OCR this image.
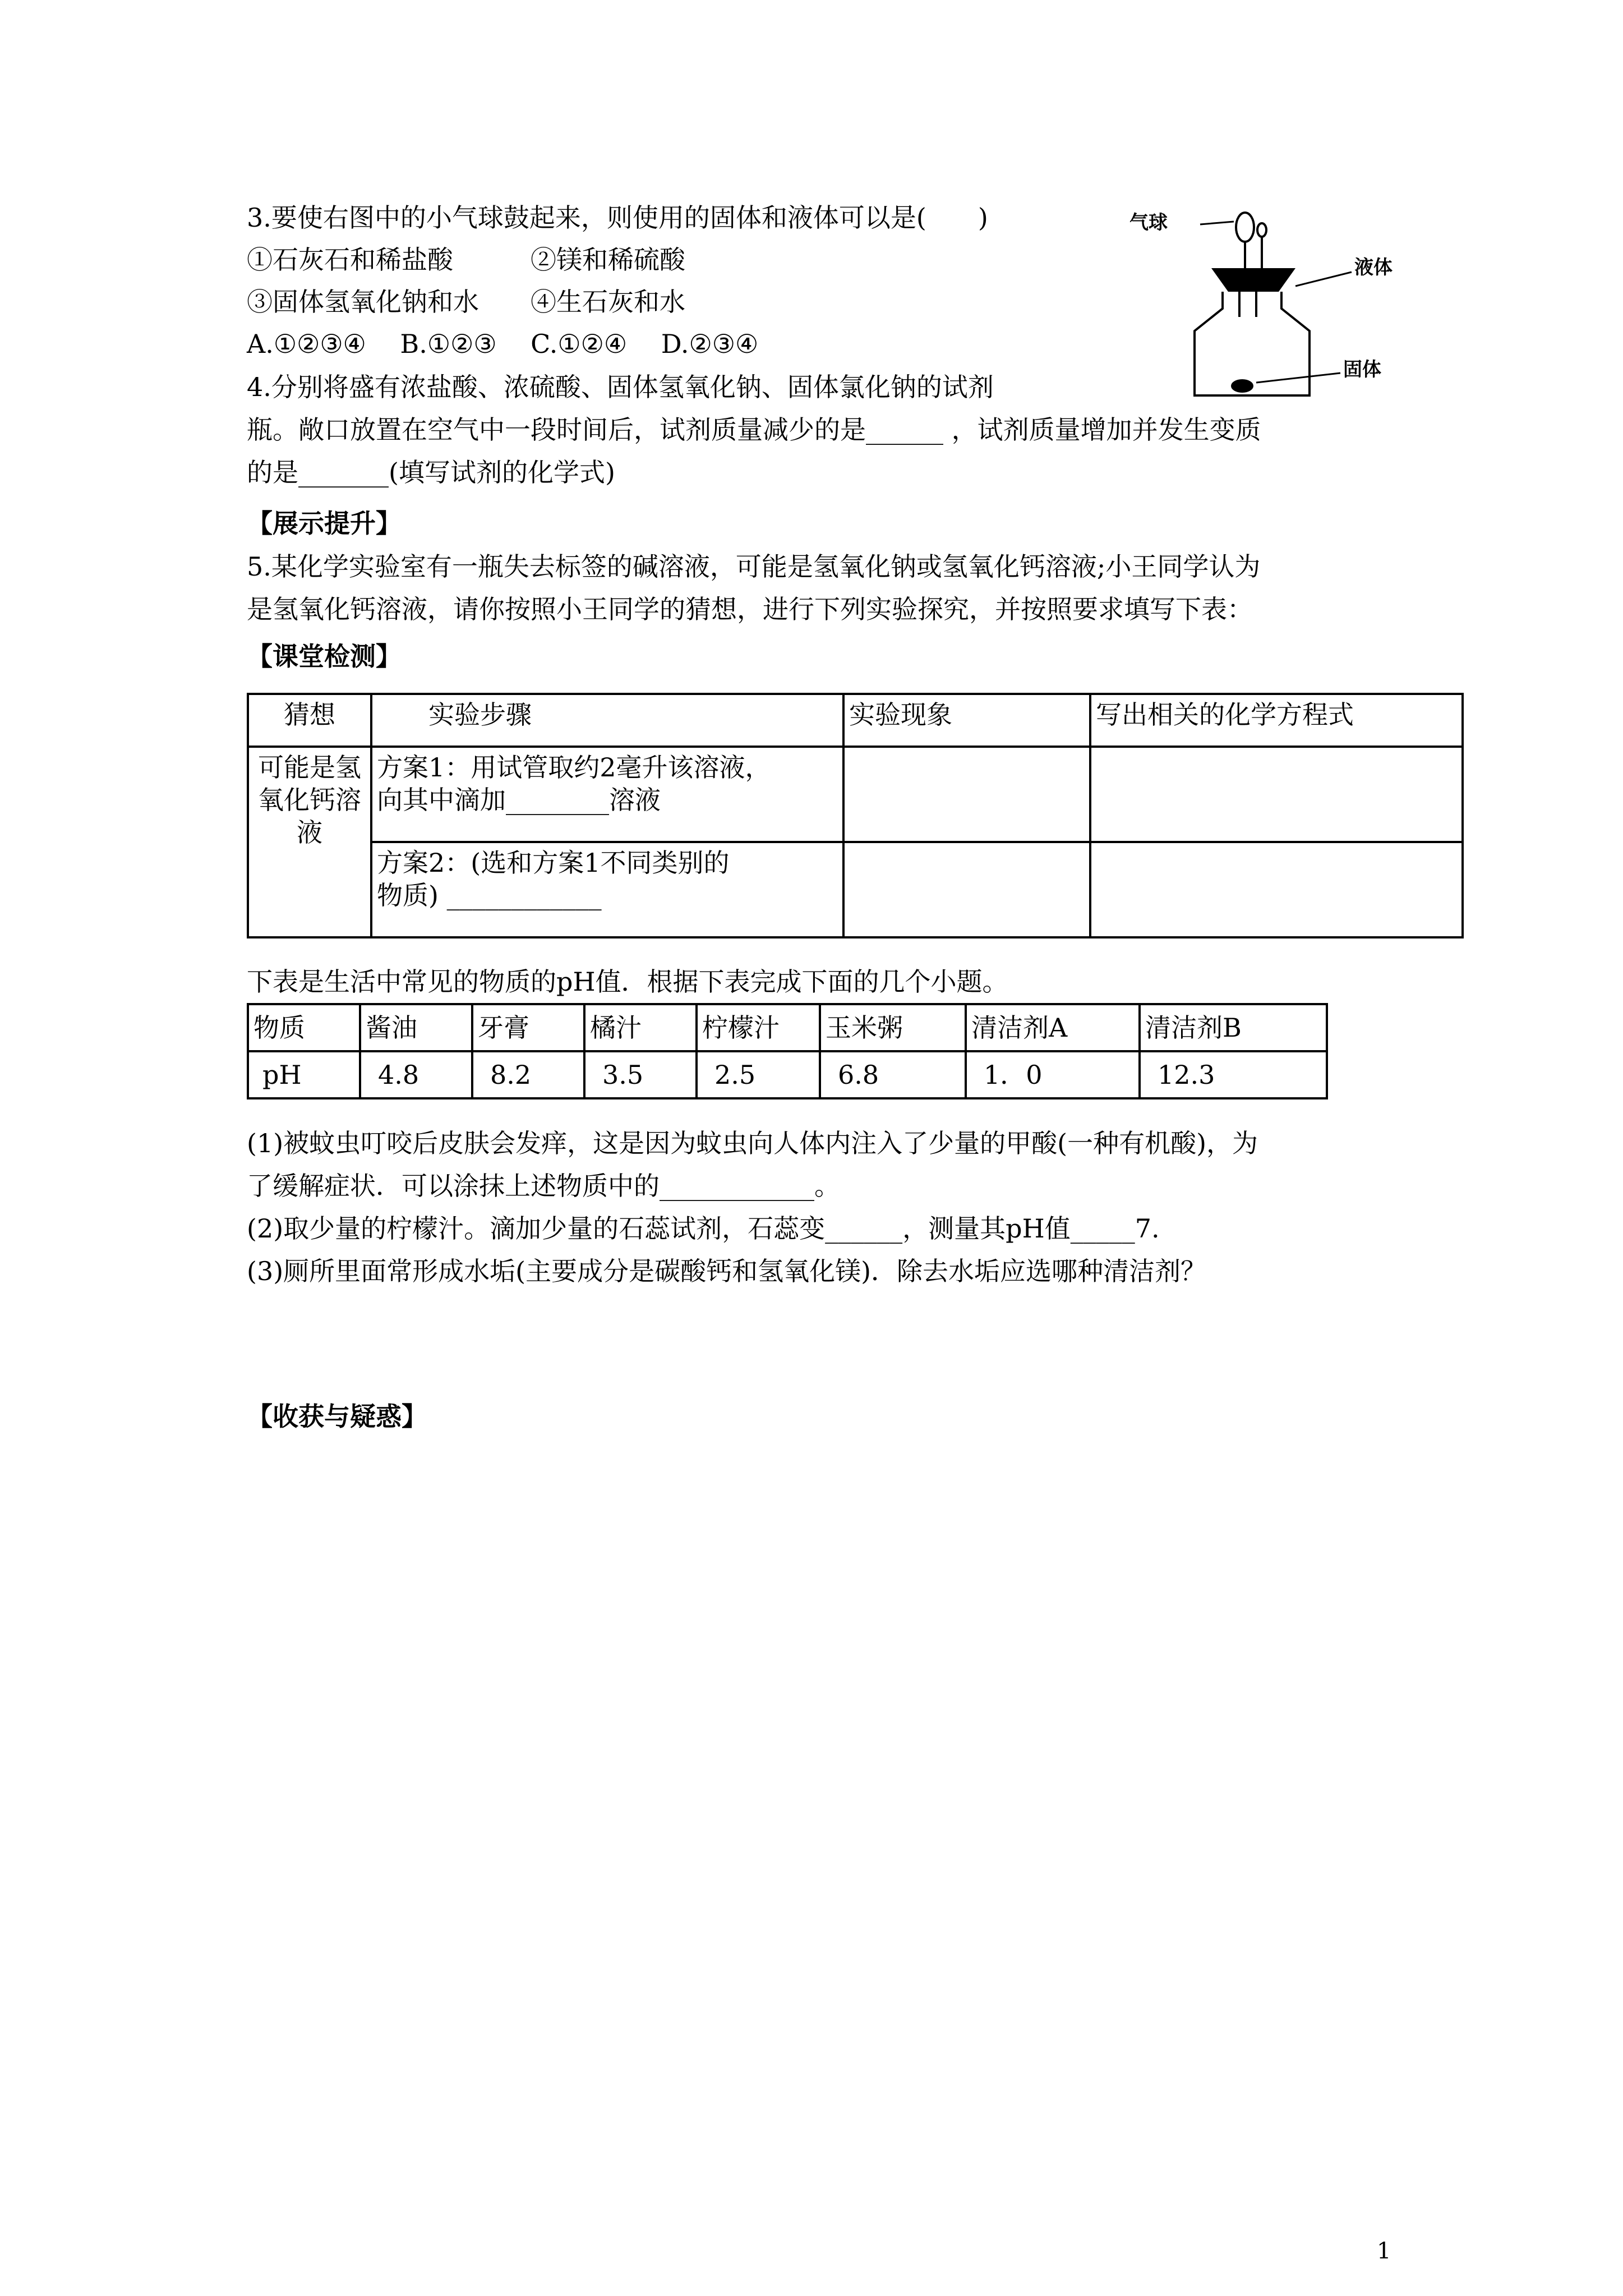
3.要使右图中的小气球鼓起来，则使用的固体和液体可以是(　　)
①石灰石和稀盐酸　　　②镁和稀硫酸
③固体氢氧化钠和水　　④生石灰和水
A.①②③④　 B.①②③　 C.①②④　 D.②③④
4.分别将盛有浓盐酸、浓硫酸、固体氢氧化钠、固体氯化钠的试剂
瓶。敞口放置在空气中一段时间后，试剂质量减少的是______ ，试剂质量增加并发生变质
的是_______(填写试剂的化学式)
气球
液体
固体
【展示提升】
5.某化学实验室有一瓶失去标签的碱溶液，可能是氢氧化钠或氢氧化钙溶液;小王同学认为
是氢氧化钙溶液，请你按照小王同学的猜想，进行下列实验探究，并按照要求填写下表：
【课堂检测】
猜想	实验步骤	实验现象	写出相关的化学方程式

可能是氢
氧化钙溶
液	方案1：用试管取约2毫升该溶液，
向其中滴加________溶液		

	方案2：(选和方案1不同类别的
物质) ____________		

下表是生活中常见的物质的pH值．根据下表完成下面的几个小题。
物质	酱油	牙膏	橘汁	柠檬汁	玉米粥	清洁剂A	清洁剂B
pH	4.8	8.2	3.5	2.5	6.8	1．0	12.3
(1)被蚊虫叮咬后皮肤会发痒，这是因为蚊虫向人体内注入了少量的甲酸(一种有机酸)，为
了缓解症状．可以涂抹上述物质中的____________。
(2)取少量的柠檬汁。滴加少量的石蕊试剂，石蕊变______，测量其pH值_____7.
(3)厕所里面常形成水垢(主要成分是碳酸钙和氢氧化镁)．除去水垢应选哪种清洁剂？
【收获与疑惑】
1
